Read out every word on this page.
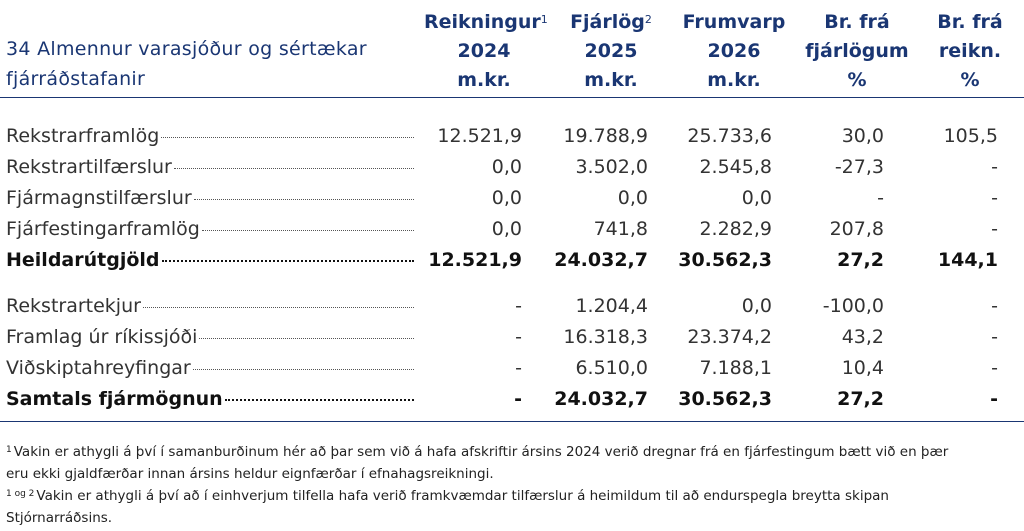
34 Almennur varasjóður og sértækar
fjárráðstafanir
Reikningur$^1$
2024
m.kr.
Fjárlög$^2$
2025
m.kr.
Frumvarp
2026
m.kr.
Br. frá
fjárlögum
%
Br. frá
reikn.
%
Rekstrarframlög	12.521,9	19.788,9	25.733,6	30,0	105,5
Rekstrartilfærslur	0,0	3.502,0	2.545,8	-27,3	-
Fjármagnstilfærslur	0,0	0,0	0,0	-	-
Fjárfestingarframlög	0,0	741,8	2.282,9	207,8	-
Heildarútgjöld	12.521,9	24.032,7	30.562,3	27,2	144,1
Rekstrartekjur	-	1.204,4	0,0	-100,0	-
Framlag úr ríkissjóði	-	16.318,3	23.374,2	43,2	-
Viðskiptahreyfingar	-	6.510,0	7.188,1	10,4	-
Samtals fjármögnun	-	24.032,7	30.562,3	27,2	-
$^1$ Vakin er athygli á því í samanburðinum hér að þar sem við á hafa afskriftir ársins 2024 verið dregnar frá en fjárfestingum bætt við en þær
eru ekki gjaldfærðar innan ársins heldur eignfærðar í efnahagsreikningi.
$^{1 og 2}$ Vakin er athygli á því að í einhverjum tilfella hafa verið framkvæmdar tilfærslur á heimildum til að endurspegla breytta skipan
Stjórnarráðsins.
